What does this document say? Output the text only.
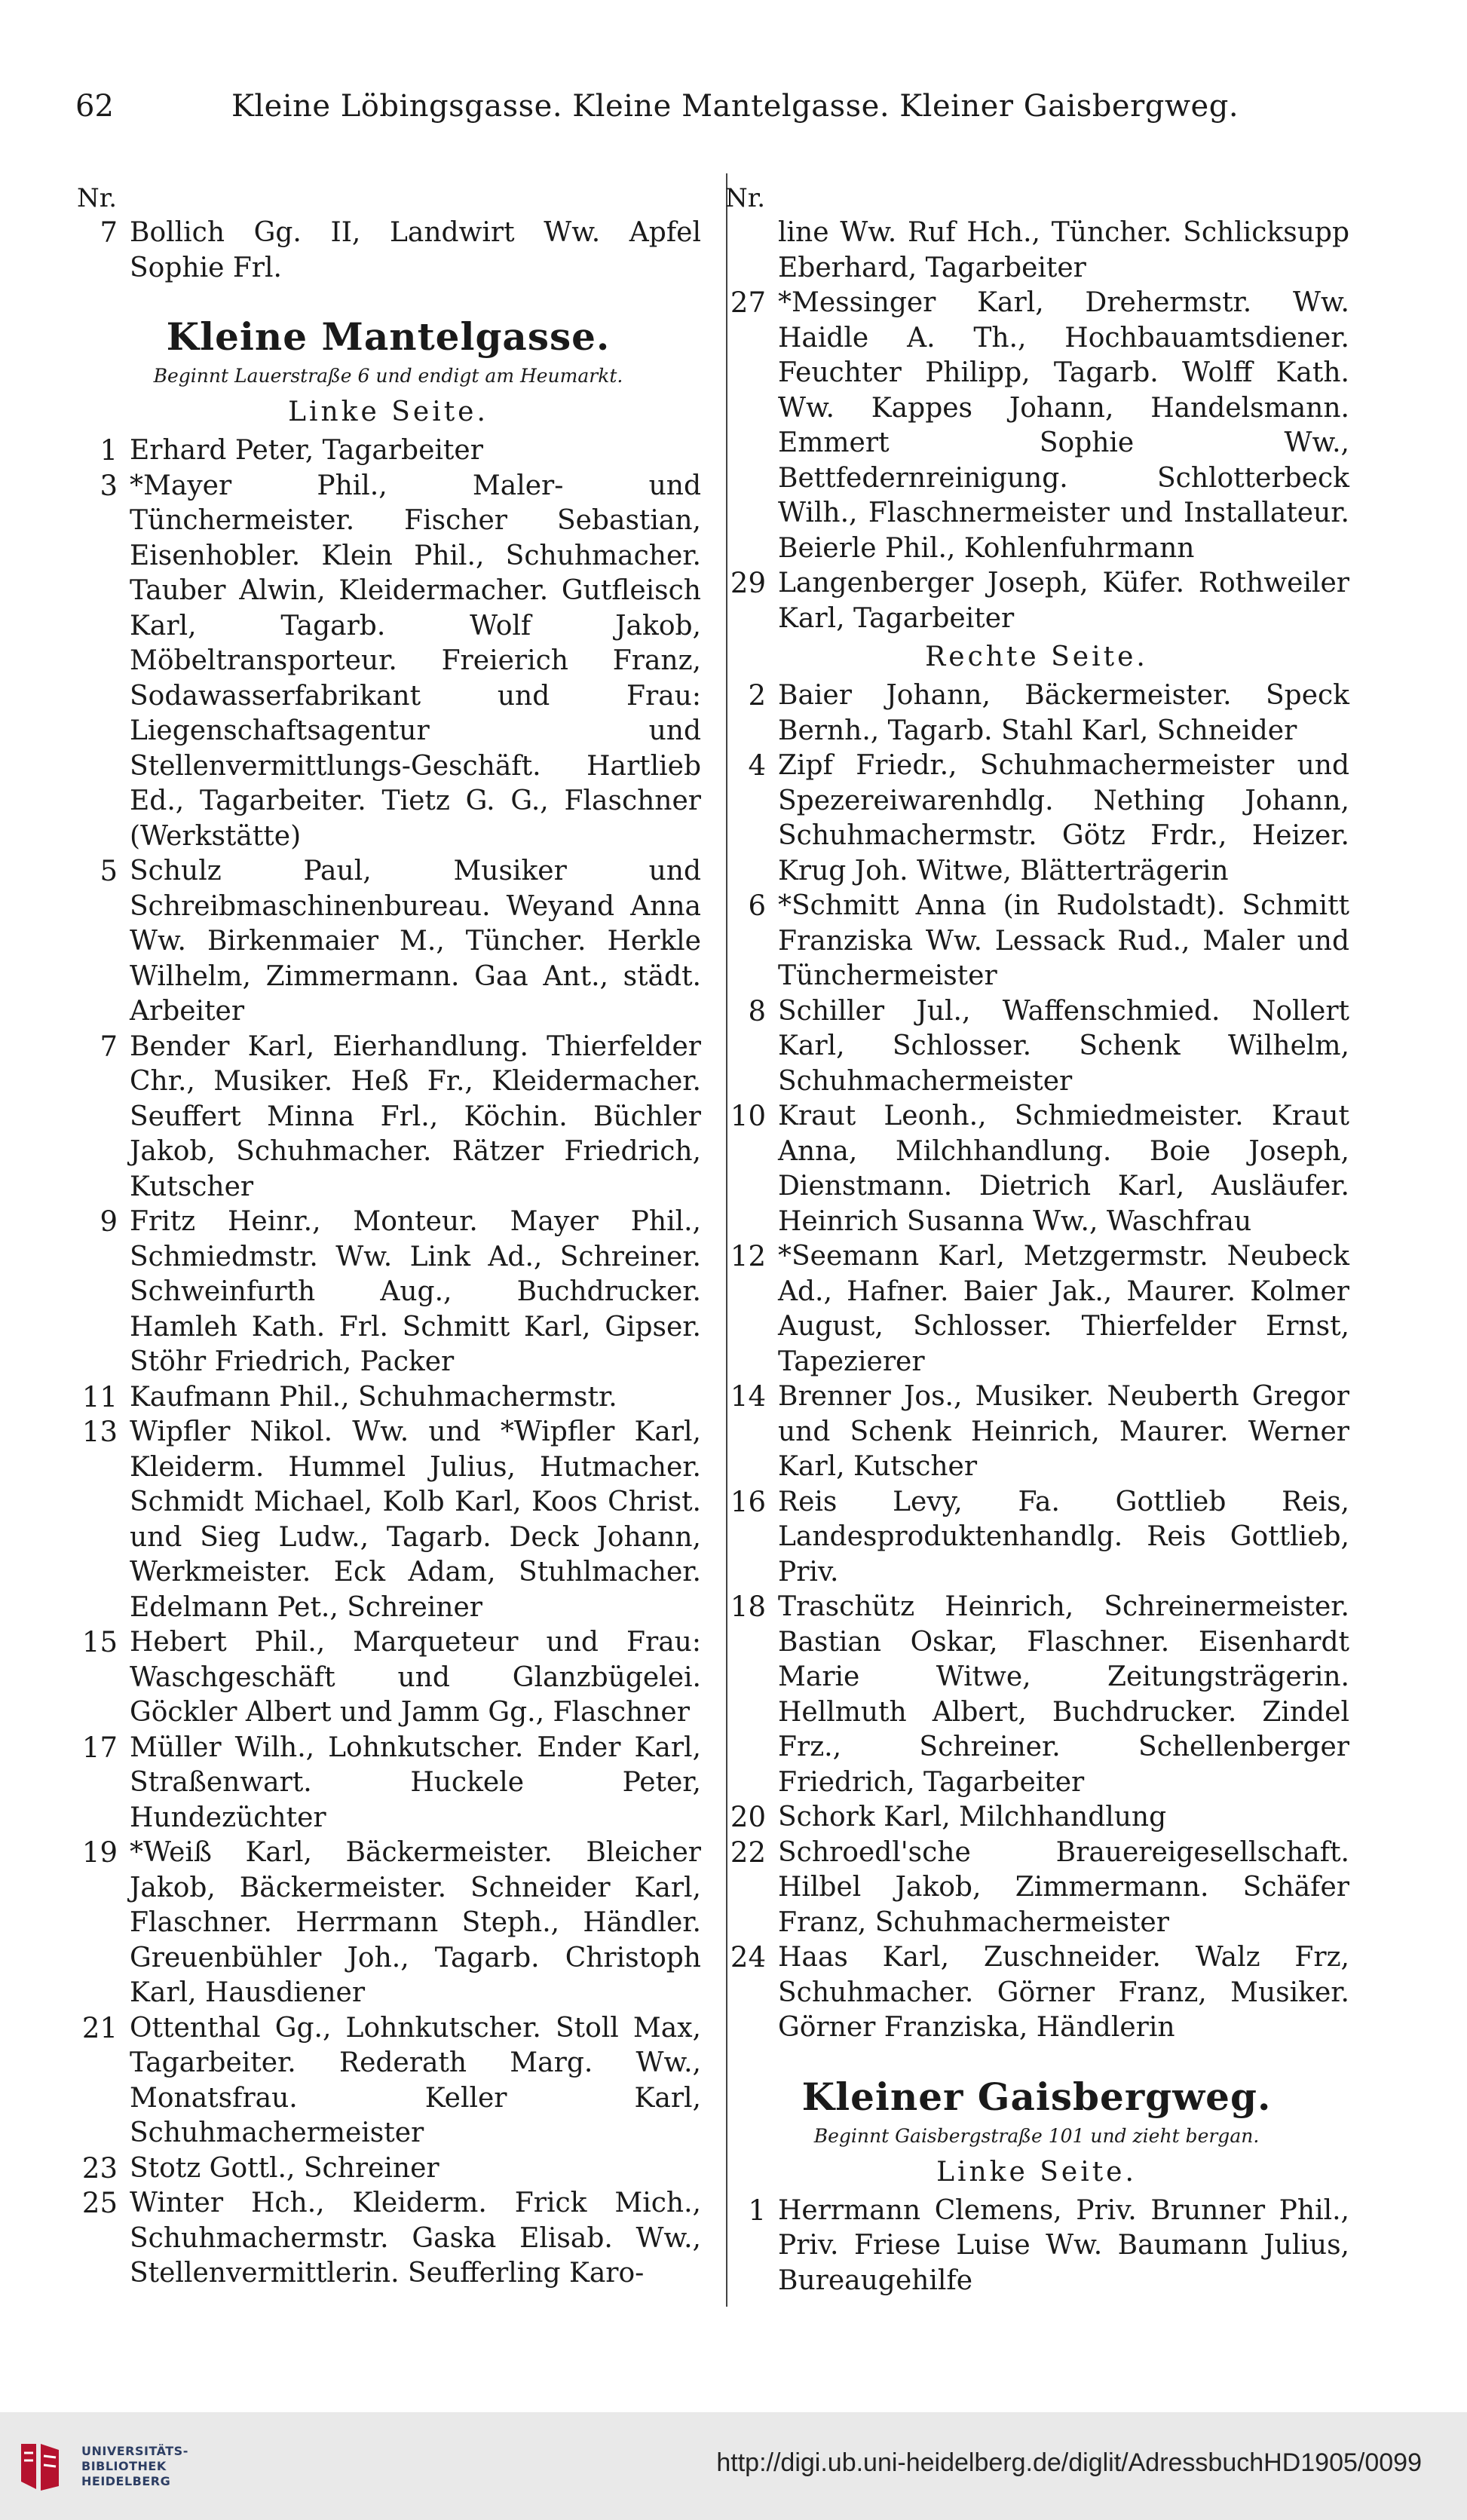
62	Kleine Löbingsgasse. Kleine Mantelgasse. Kleiner Gaisbergweg.
Nr.
7 Bollich Gg. II, Landwirt Ww. Apfel Sophie Frl.
Kleine Mantelgasse.
Beginnt Lauerstraße 6 und endigt am Heumarkt.
Linke Seite.
1 Erhard Peter, Tagarbeiter
3 *Mayer Phil., Maler- und Tünchermeister. Fischer Sebastian, Eisenhobler. Klein Phil., Schuhmacher. Tauber Alwin, Kleidermacher. Gutfleisch Karl, Tagarb. Wolf Jakob, Möbeltransporteur. Freierich Franz, Sodawasserfabrikant und Frau: Liegenschaftsagentur und Stellenvermittlungs-Geschäft. Hartlieb Ed., Tagarbeiter. Tietz G. G., Flaschner (Werkstätte)
5 Schulz Paul, Musiker und Schreibmaschinenbureau. Weyand Anna Ww. Birkenmaier M., Tüncher. Herkle Wilhelm, Zimmermann. Gaa Ant., städt. Arbeiter
7 Bender Karl, Eierhandlung. Thierfelder Chr., Musiker. Heß Fr., Kleidermacher. Seuffert Minna Frl., Köchin. Büchler Jakob, Schuhmacher. Rätzer Friedrich, Kutscher
9 Fritz Heinr., Monteur. Mayer Phil., Schmiedmstr. Ww. Link Ad., Schreiner. Schweinfurth Aug., Buchdrucker. Hamleh Kath. Frl. Schmitt Karl, Gipser. Stöhr Friedrich, Packer
11 Kaufmann Phil., Schuhmachermstr.
13 Wipfler Nikol. Ww. und *Wipfler Karl, Kleiderm. Hummel Julius, Hutmacher. Schmidt Michael, Kolb Karl, Koos Christ. und Sieg Ludw., Tagarb. Deck Johann, Werkmeister. Eck Adam, Stuhlmacher. Edelmann Pet., Schreiner
15 Hebert Phil., Marqueteur und Frau: Waschgeschäft und Glanzbügelei. Göckler Albert und Jamm Gg., Flaschner
17 Müller Wilh., Lohnkutscher. Ender Karl, Straßenwart. Huckele Peter, Hundezüchter
19 *Weiß Karl, Bäckermeister. Bleicher Jakob, Bäckermeister. Schneider Karl, Flaschner. Herrmann Steph., Händler. Greuenbühler Joh., Tagarb. Christoph Karl, Hausdiener
21 Ottenthal Gg., Lohnkutscher. Stoll Max, Tagarbeiter. Rederath Marg. Ww., Monatsfrau. Keller Karl, Schuhmachermeister
23 Stotz Gottl., Schreiner
25 Winter Hch., Kleiderm. Frick Mich., Schuhmachermstr. Gaska Elisab. Ww., Stellenvermittlerin. Seufferling Karo-
Nr.
line Ww. Ruf Hch., Tüncher. Schlicksupp Eberhard, Tagarbeiter
27 *Messinger Karl, Drehermstr. Ww. Haidle A. Th., Hochbauamtsdiener. Feuchter Philipp, Tagarb. Wolff Kath. Ww. Kappes Johann, Handelsmann. Emmert Sophie Ww., Bettfedernreinigung. Schlotterbeck Wilh., Flaschnermeister und Installateur. Beierle Phil., Kohlenfuhrmann
29 Langenberger Joseph, Küfer. Rothweiler Karl, Tagarbeiter
Rechte Seite.
2 Baier Johann, Bäckermeister. Speck Bernh., Tagarb. Stahl Karl, Schneider
4 Zipf Friedr., Schuhmachermeister und Spezereiwarenhdlg. Nething Johann, Schuhmachermstr. Götz Frdr., Heizer. Krug Joh. Witwe, Blätterträgerin
6 *Schmitt Anna (in Rudolstadt). Schmitt Franziska Ww. Lessack Rud., Maler und Tünchermeister
8 Schiller Jul., Waffenschmied. Nollert Karl, Schlosser. Schenk Wilhelm, Schuhmachermeister
10 Kraut Leonh., Schmiedmeister. Kraut Anna, Milchhandlung. Boie Joseph, Dienstmann. Dietrich Karl, Ausläufer. Heinrich Susanna Ww., Waschfrau
12 *Seemann Karl, Metzgermstr. Neubeck Ad., Hafner. Baier Jak., Maurer. Kolmer August, Schlosser. Thierfelder Ernst, Tapezierer
14 Brenner Jos., Musiker. Neuberth Gregor und Schenk Heinrich, Maurer. Werner Karl, Kutscher
16 Reis Levy, Fa. Gottlieb Reis, Landesproduktenhandlg. Reis Gottlieb, Priv.
18 Traschütz Heinrich, Schreinermeister. Bastian Oskar, Flaschner. Eisenhardt Marie Witwe, Zeitungsträgerin. Hellmuth Albert, Buchdrucker. Zindel Frz., Schreiner. Schellenberger Friedrich, Tagarbeiter
20 Schork Karl, Milchhandlung
22 Schroedl'sche Brauereigesellschaft. Hilbel Jakob, Zimmermann. Schäfer Franz, Schuhmachermeister
24 Haas Karl, Zuschneider. Walz Frz, Schuhmacher. Görner Franz, Musiker. Görner Franziska, Händlerin
Kleiner Gaisbergweg.
Beginnt Gaisbergstraße 101 und zieht bergan.
Linke Seite.
1 Herrmann Clemens, Priv. Brunner Phil., Priv. Friese Luise Ww. Baumann Julius, Bureaugehilfe
UNIVERSITÄTS-
BIBLIOTHEK
HEIDELBERG
http://digi.ub.uni-heidelberg.de/diglit/AdressbuchHD1905/0099
